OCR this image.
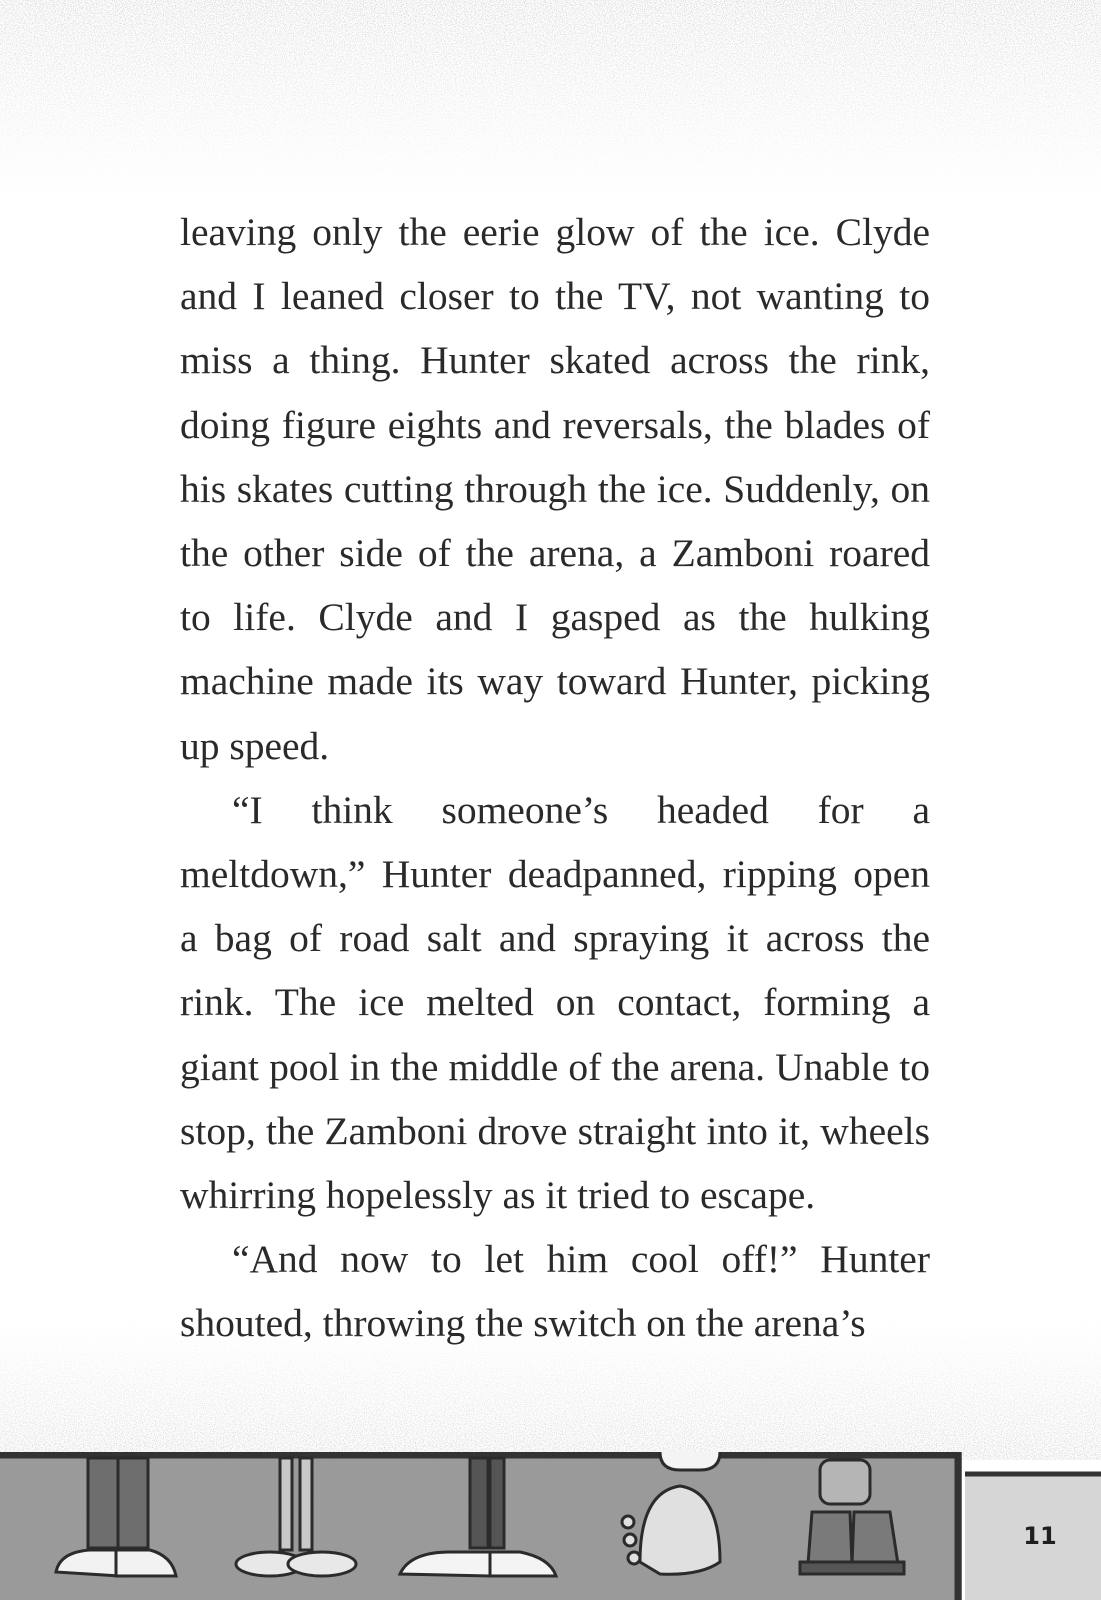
leaving only the eerie glow of the ice. Clyde and I leaned closer to the TV, not wanting to miss a thing. Hunter skated across the rink, doing figure eights and reversals, the blades of his skates cutting through the ice. Suddenly, on the other side of the arena, a Zamboni roared to life. Clyde and I gasped as the hulking machine made its way toward Hunter, picking up speed.

“I think someone’s headed for a meltdown,” Hunter deadpanned, ripping open a bag of road salt and spraying it across the rink. The ice melted on contact, forming a giant pool in the middle of the arena. Unable to stop, the Zamboni drove straight into it, wheels whirring hopelessly as it tried to escape.

“And now to let him cool off!” Hunter shouted, throwing the switch on the arena’s

11
